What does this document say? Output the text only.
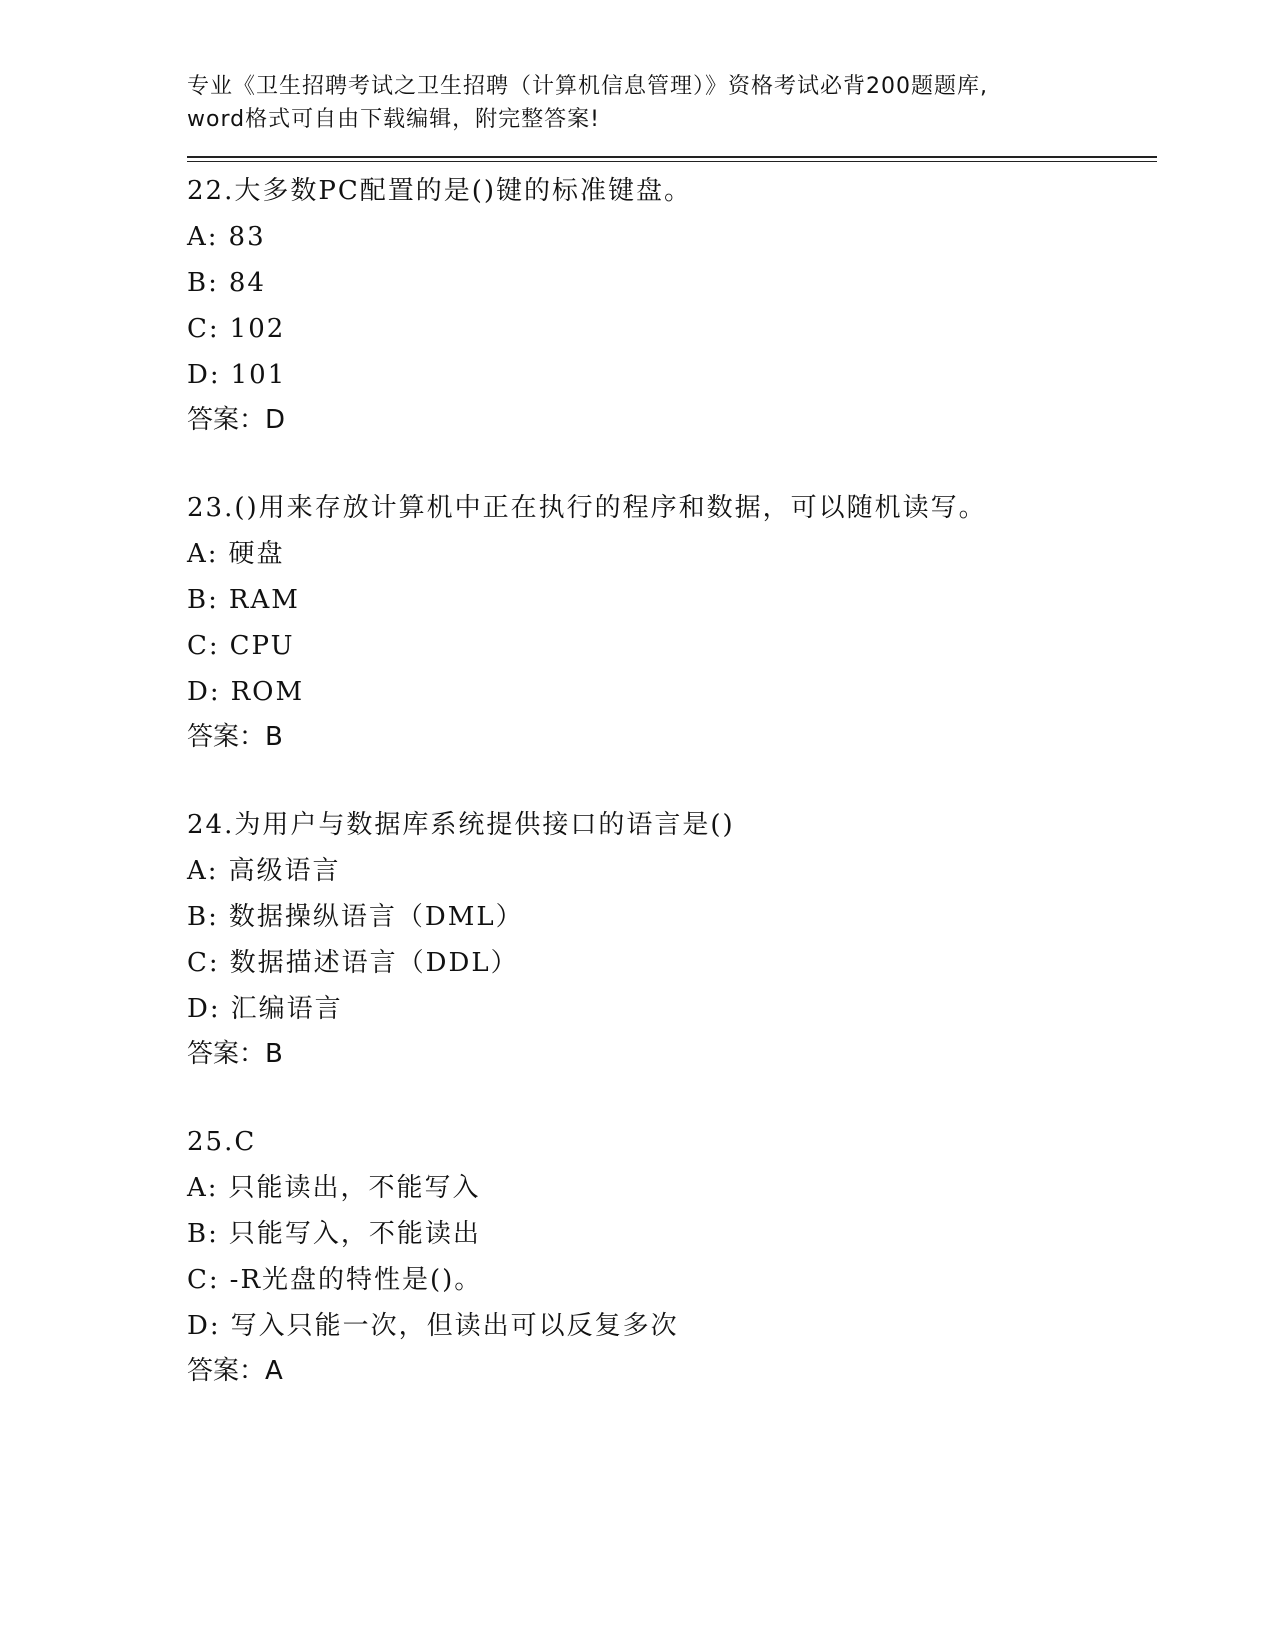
专业《卫生招聘考试之卫生招聘（计算机信息管理）》资格考试必背200题题库,
word格式可自由下载编辑，附完整答案!
22.大多数PC配置的是()键的标准键盘。
A: 83
B: 84
C: 102
D: 101
答案：D
23.()用来存放计算机中正在执行的程序和数据，可以随机读写。
A: 硬盘
B: RAM
C: CPU
D: ROM
答案：B
24.为用户与数据库系统提供接口的语言是()
A: 高级语言
B: 数据操纵语言（DML）
C: 数据描述语言（DDL）
D: 汇编语言
答案：B
25.C
A: 只能读出，不能写入
B: 只能写入，不能读出
C: -R光盘的特性是()。
D: 写入只能一次，但读出可以反复多次
答案：A
